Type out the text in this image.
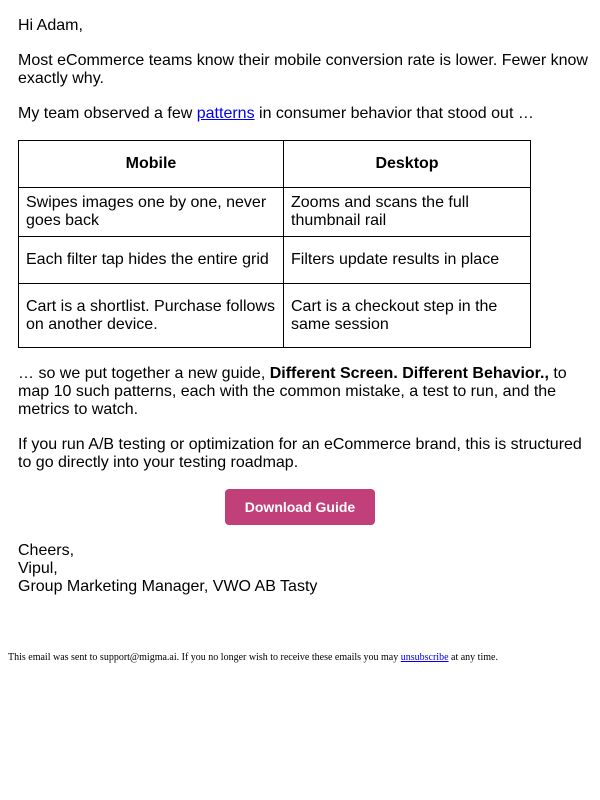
Hi Adam,

Most eCommerce teams know their mobile conversion rate is lower. Fewer know exactly why.

My team observed a few patterns in consumer behavior that stood out …

Mobile	Desktop
Swipes images one by one, never goes back	Zooms and scans the full thumbnail rail
Each filter tap hides the entire grid	Filters update results in place
Cart is a shortlist. Purchase follows on another device.	Cart is a checkout step in the same session

… so we put together a new guide, Different Screen. Different Behavior., to map 10 such patterns, each with the common mistake, a test to run, and the metrics to watch.

If you run A/B testing or optimization for an eCommerce brand, this is structured to go directly into your testing roadmap.

Download Guide

Cheers,

Vipul,

Group Marketing Manager, VWO AB Tasty

This email was sent to support@migma.ai. If you no longer wish to receive these emails you may unsubscribe at any time.
